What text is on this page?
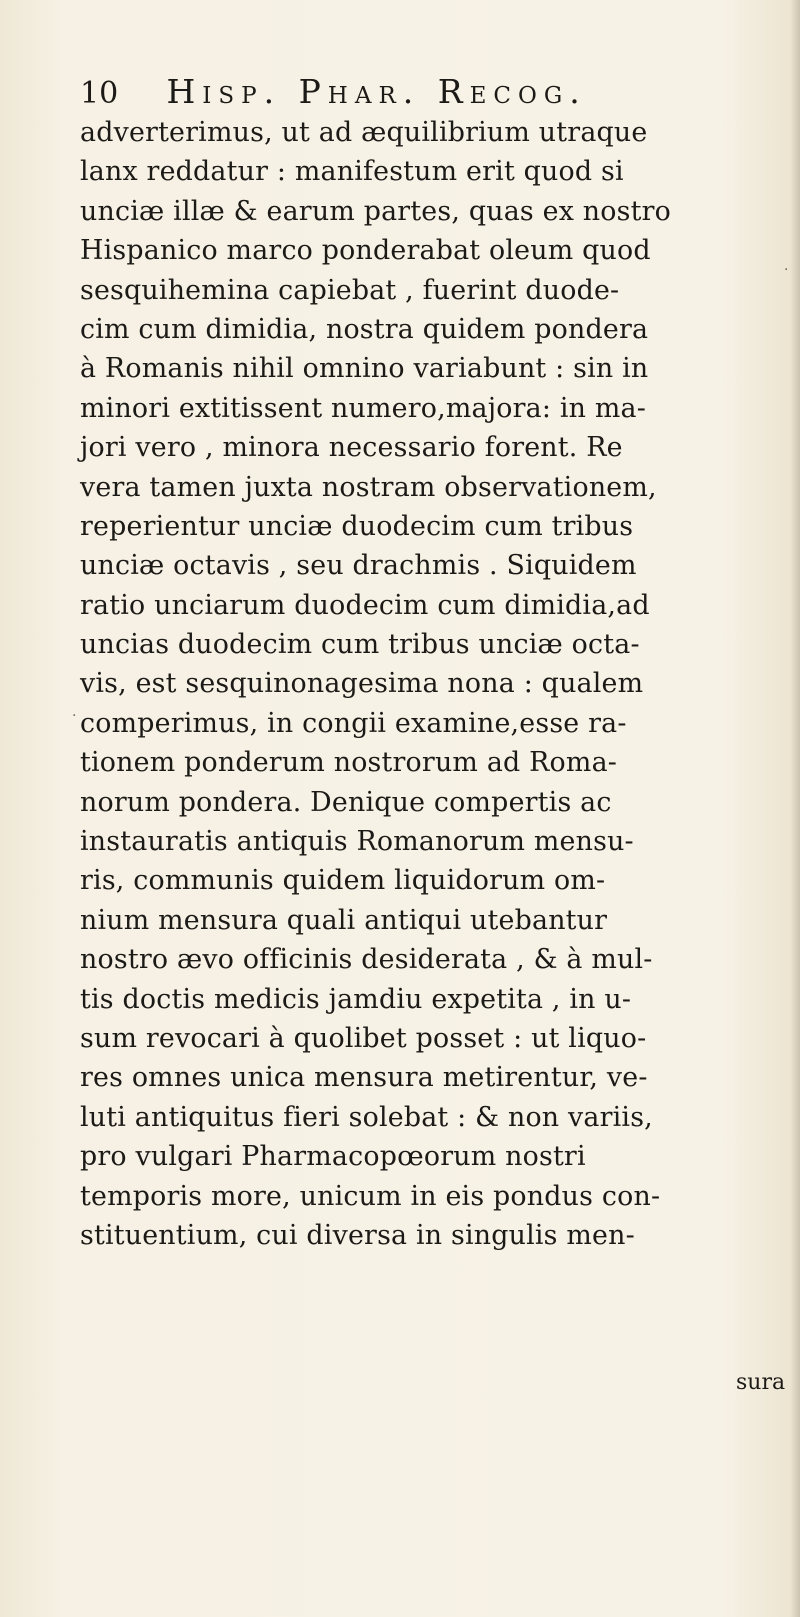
10 Hisp. Phar. Recog.
adverterimus, ut ad æquilibrium utraque
lanx reddatur : manifestum erit quod si
unciæ illæ & earum partes, quas ex nostro
Hispanico marco ponderabat oleum quod
sesquihemina capiebat , fuerint duode-
cim cum dimidia, nostra quidem pondera
à Romanis nihil omnino variabunt : sin in
minori extitissent numero,majora: in ma-
jori vero , minora necessario forent. Re
vera tamen juxta nostram observationem,
reperientur unciæ duodecim cum tribus
unciæ octavis , seu drachmis . Siquidem
ratio unciarum duodecim cum dimidia,ad
uncias duodecim cum tribus unciæ octa-
vis, est sesquinonagesima nona : qualem
comperimus, in congii examine,esse ra-
tionem ponderum nostrorum ad Roma-
norum pondera. Denique compertis ac
instauratis antiquis Romanorum mensu-
ris, communis quidem liquidorum om-
nium mensura quali antiqui utebantur
nostro ævo officinis desiderata , & à mul-
tis doctis medicis jamdiu expetita , in u-
sum revocari à quolibet posset : ut liquo-
res omnes unica mensura metirentur, ve-
luti antiquitus fieri solebat : & non variis,
pro vulgari Pharmacopœorum nostri
temporis more, unicum in eis pondus con-
stituentium, cui diversa in singulis men-
sura
·
·
